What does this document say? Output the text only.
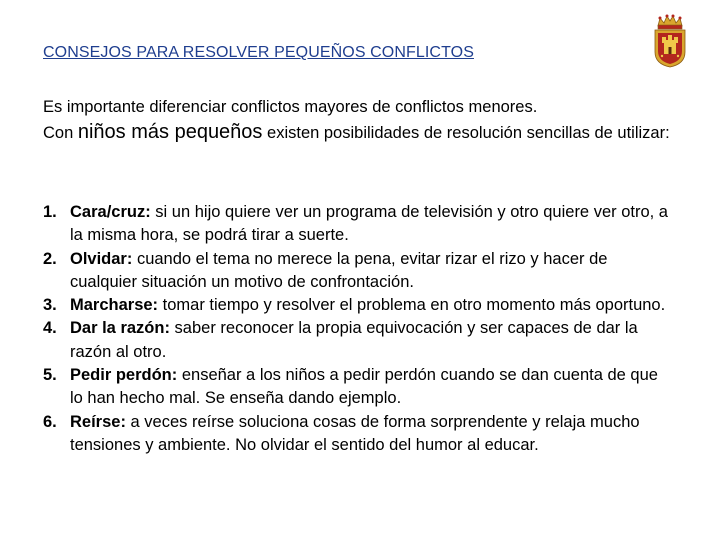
CONSEJOS PARA RESOLVER PEQUEÑOS CONFLICTOS
Es importante diferenciar conflictos mayores de conflictos menores.
Con niños más pequeños existen posibilidades de resolución sencillas de utilizar:
1. Cara/cruz: si un hijo quiere ver un programa de televisión y otro quiere ver otro, a la misma hora, se podrá tirar a suerte.
2. Olvidar: cuando el tema no merece la pena, evitar rizar el rizo y hacer de cualquier situación un motivo de confrontación.
3. Marcharse: tomar tiempo y resolver el problema en otro momento más oportuno.
4. Dar la razón: saber reconocer la propia equivocación y ser capaces de dar la razón al otro.
5. Pedir perdón: enseñar a los niños a pedir perdón cuando se dan cuenta de que lo han hecho mal. Se enseña dando ejemplo.
6. Reírse: a veces reírse soluciona cosas de forma sorprendente y relaja mucho tensiones y ambiente. No olvidar el sentido del humor al educar.
